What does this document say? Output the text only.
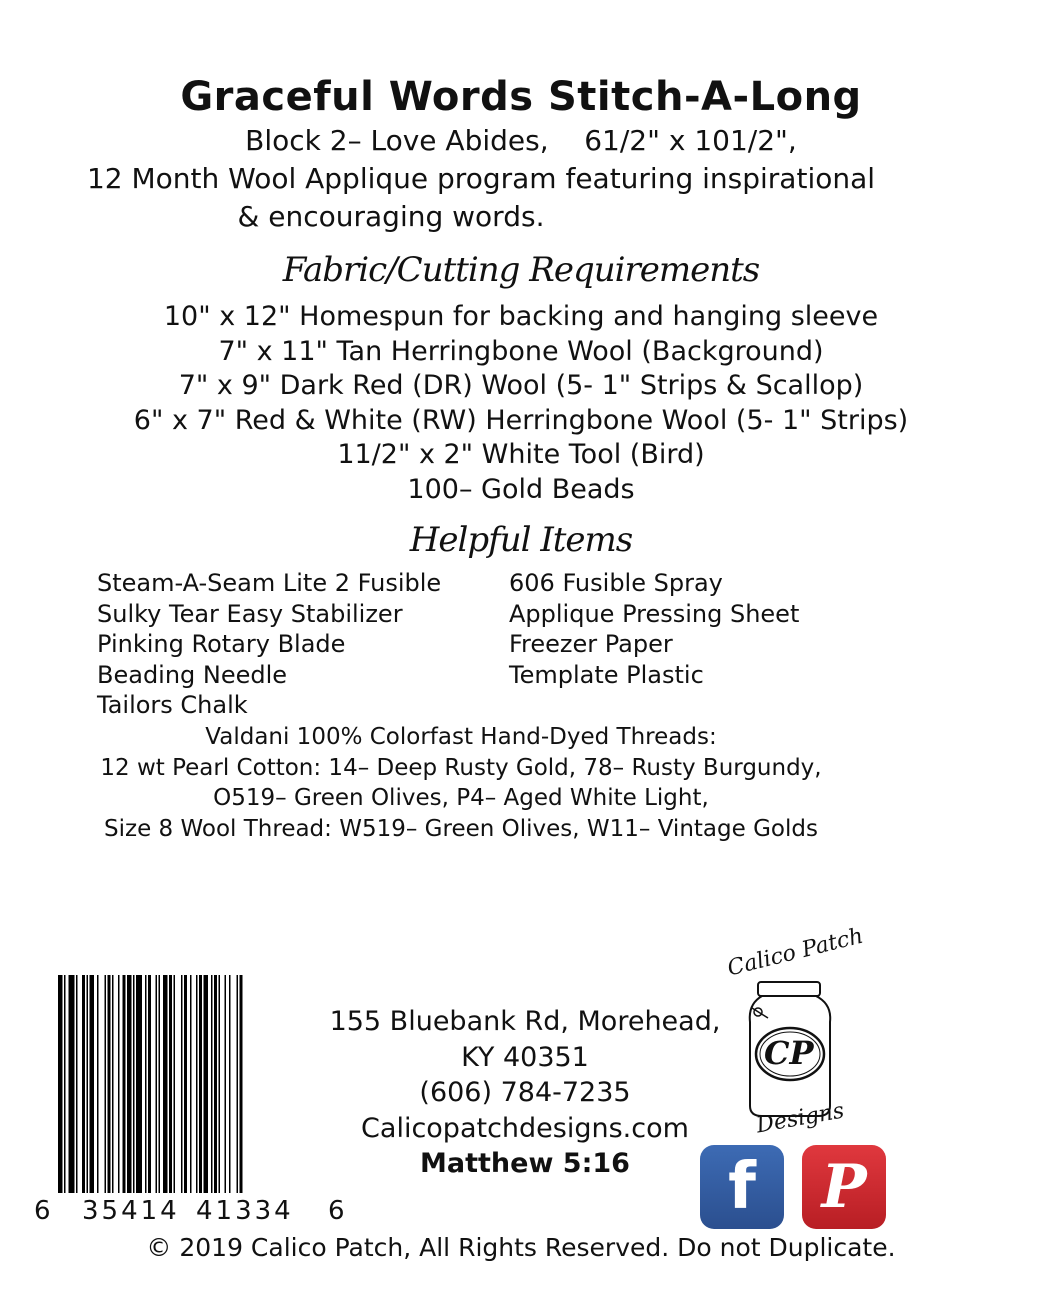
Graceful Words Stitch-A-Long
Block 2– Love Abides, 61/2" x 101/2",
12 Month Wool Applique program featuring inspirational
& encouraging words.
Fabric/Cutting Requirements
10" x 12" Homespun for backing and hanging sleeve
7" x 11" Tan Herringbone Wool (Background)
7" x 9" Dark Red (DR) Wool (5- 1" Strips & Scallop)
6" x 7" Red & White (RW) Herringbone Wool (5- 1" Strips)
11/2" x 2" White Tool (Bird)
100– Gold Beads
Helpful Items
Steam-A-Seam Lite 2 Fusible
Sulky Tear Easy Stabilizer
Pinking Rotary Blade
Beading Needle
Tailors Chalk
606 Fusible Spray
Applique Pressing Sheet
Freezer Paper
Template Plastic
Valdani 100% Colorfast Hand-Dyed Threads:
12 wt Pearl Cotton: 14– Deep Rusty Gold, 78– Rusty Burgundy,
O519– Green Olives, P4– Aged White Light,
Size 8 Wool Thread: W519– Green Olives, W11– Vintage Golds
6 35414 41334 6
155 Bluebank Rd, Morehead,
KY 40351
(606) 784-7235
Calicopatchdesigns.com
Matthew 5:16
Calico Patch
CP
Designs
f P
© 2019 Calico Patch, All Rights Reserved. Do not Duplicate.
